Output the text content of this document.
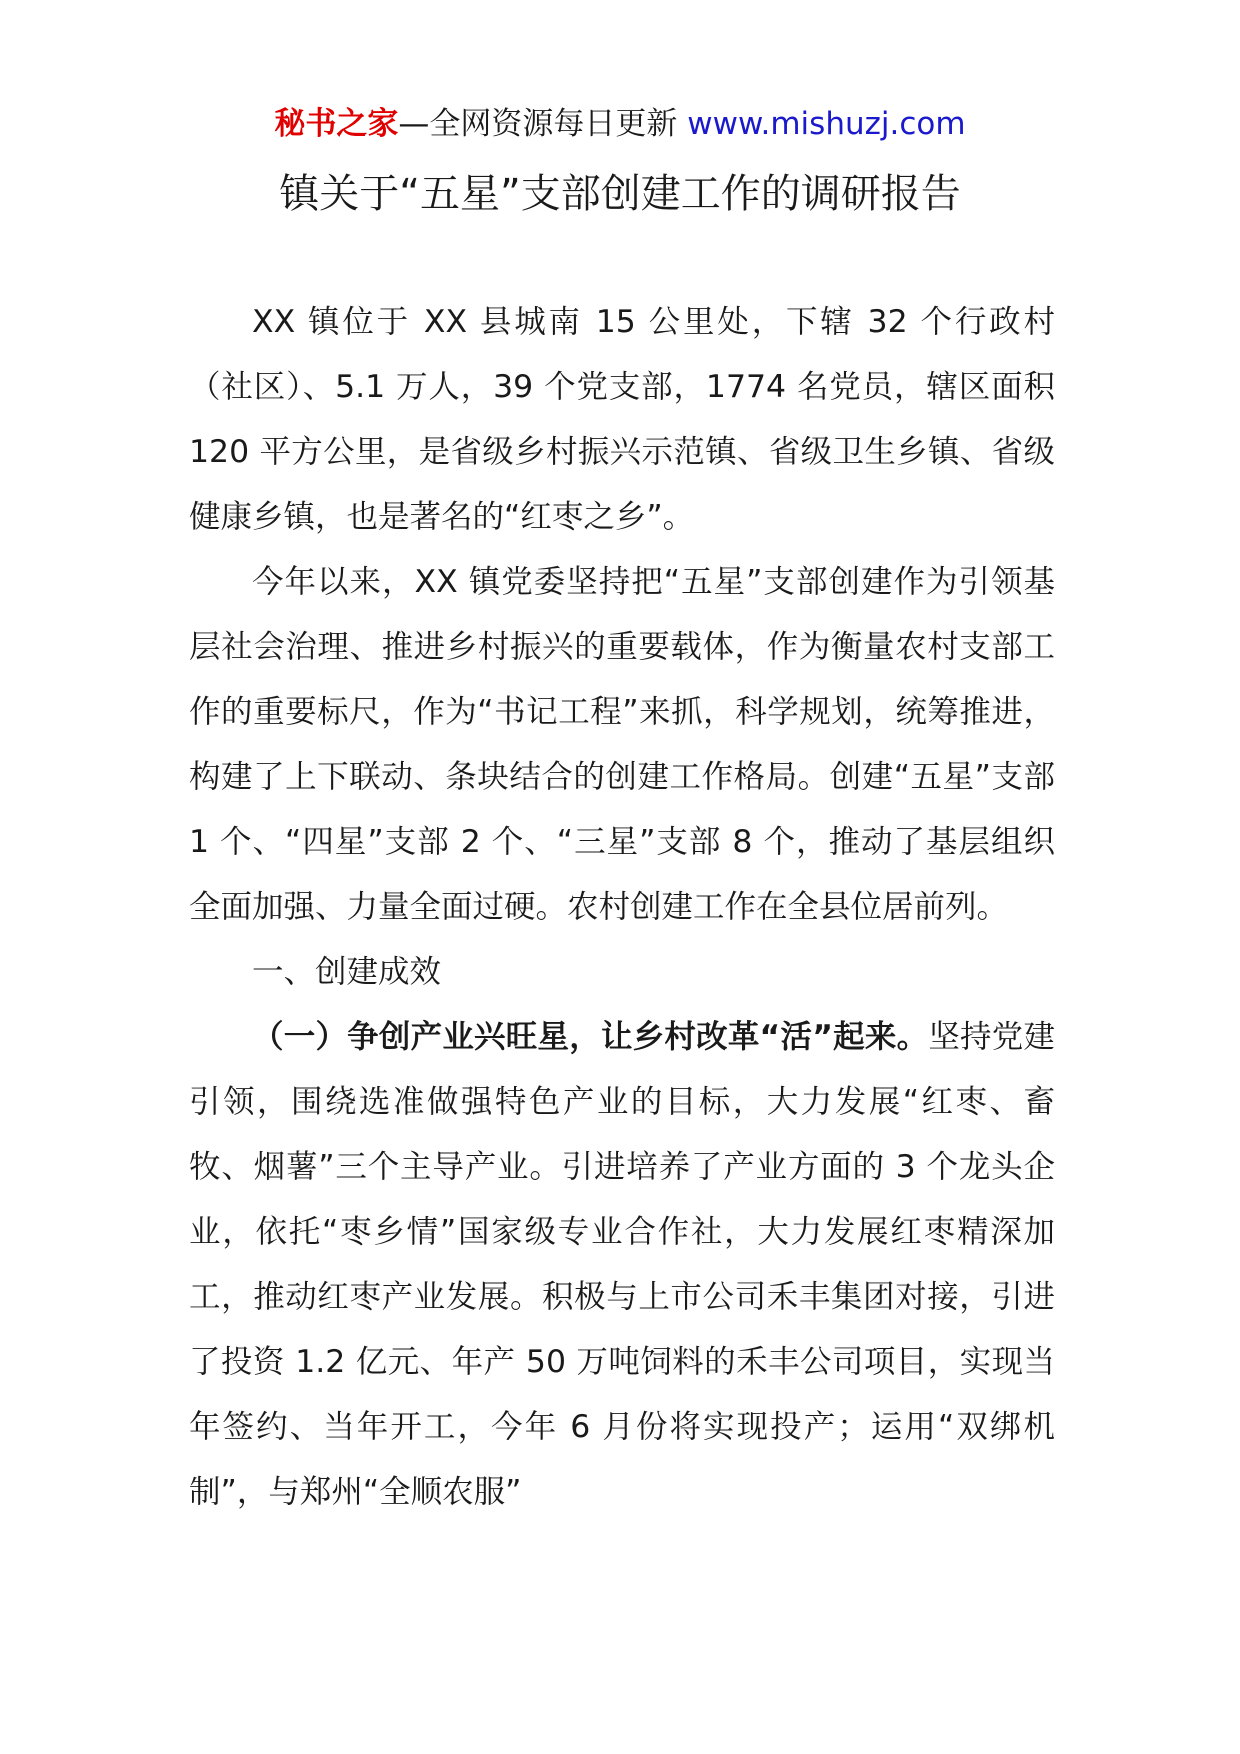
秘书之家—全网资源每日更新 www.mishuzj.com
镇关于“五星”支部创建工作的调研报告

XX 镇位于 XX 县城南 15 公里处，下辖 32 个行政村（社区）、5.1 万人，39 个党支部，1774 名党员，辖区面积 120 平方公里，是省级乡村振兴示范镇、省级卫生乡镇、省级健康乡镇，也是著名的“红枣之乡”。

今年以来，XX 镇党委坚持把“五星”支部创建作为引领基层社会治理、推进乡村振兴的重要载体，作为衡量农村支部工作的重要标尺，作为“书记工程”来抓，科学规划，统筹推进，构建了上下联动、条块结合的创建工作格局。创建“五星”支部 1 个、“四星”支部 2 个、“三星”支部 8 个，推动了基层组织全面加强、力量全面过硬。农村创建工作在全县位居前列。

一、创建成效

（一）争创产业兴旺星，让乡村改革“活”起来。坚持党建引领，围绕选准做强特色产业的目标，大力发展“红枣、畜牧、烟薯”三个主导产业。引进培养了产业方面的 3 个龙头企业，依托“枣乡情”国家级专业合作社，大力发展红枣精深加工，推动红枣产业发展。积极与上市公司禾丰集团对接，引进了投资 1.2 亿元、年产 50 万吨饲料的禾丰公司项目，实现当年签约、当年开工，今年 6 月份将实现投产；运用“双绑机制”，与郑州“全顺农服”
